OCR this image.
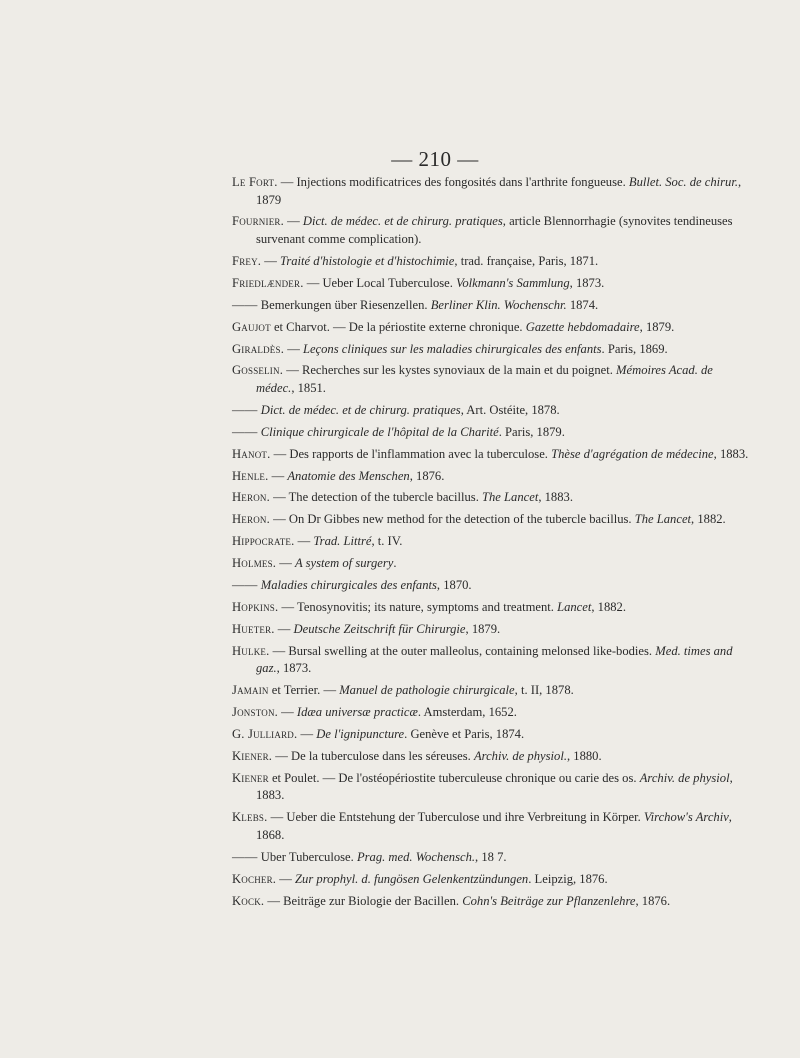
— 210 —

Le Fort. — Injections modificatrices des fongosités dans l'arthrite fongueuse. Bullet. Soc. de chirur., 1879

Fournier. — Dict. de médec. et de chirurg. pratiques, article Blennorrhagie (synovites tendineuses survenant comme complication).

Frey. — Traité d'histologie et d'histochimie, trad. française, Paris, 1871.

Friedlænder. — Ueber Local Tuberculose. Volkmann's Sammlung, 1873.

—— Bemerkungen über Riesenzellen. Berliner Klin. Wochenschr. 1874.

Gaujot et Charvot. — De la périostite externe chronique. Gazette hebdomadaire, 1879.

Giraldès. — Leçons cliniques sur les maladies chirurgicales des enfants. Paris, 1869.

Gosselin. — Recherches sur les kystes synoviaux de la main et du poignet. Mémoires Acad. de médec., 1851.

—— Dict. de médec. et de chirurg. pratiques, Art. Ostéite, 1878.

—— Clinique chirurgicale de l'hôpital de la Charité. Paris, 1879.

Hanot. — Des rapports de l'inflammation avec la tuberculose. Thèse d'agrégation de médecine, 1883.

Henle. — Anatomie des Menschen, 1876.

Heron. — The detection of the tubercle bacillus. The Lancet, 1883.

Heron. — On Dr Gibbes new method for the detection of the tubercle bacillus. The Lancet, 1882.

Hippocrate. — Trad. Littré, t. IV.

Holmes. — A system of surgery.

—— Maladies chirurgicales des enfants, 1870.

Hopkins. — Tenosynovitis; its nature, symptoms and treatment. Lancet, 1882.

Hueter. — Deutsche Zeitschrift für Chirurgie, 1879.

Hulke. — Bursal swelling at the outer malleolus, containing melonsed like-bodies. Med. times and gaz., 1873.

Jamain et Terrier. — Manuel de pathologie chirurgicale, t. II, 1878.

Jonston. — Idæa universæ practicæ. Amsterdam, 1652.

G. Julliard. — De l'ignipuncture. Genève et Paris, 1874.

Kiener. — De la tuberculose dans les séreuses. Archiv. de physiol., 1880.

Kiener et Poulet. — De l'ostéopériostite tuberculeuse chronique ou carie des os. Archiv. de physiol, 1883.

Klebs. — Ueber die Entstehung der Tuberculose und ihre Verbreitung in Körper. Virchow's Archiv, 1868.

—— Uber Tuberculose. Prag. med. Wochensch., 18 7.

Kocher. — Zur prophyl. d. fungösen Gelenkentzündungen. Leipzig, 1876.

Kock. — Beiträge zur Biologie der Bacillen. Cohn's Beiträge zur Pflanzenlehre, 1876.
